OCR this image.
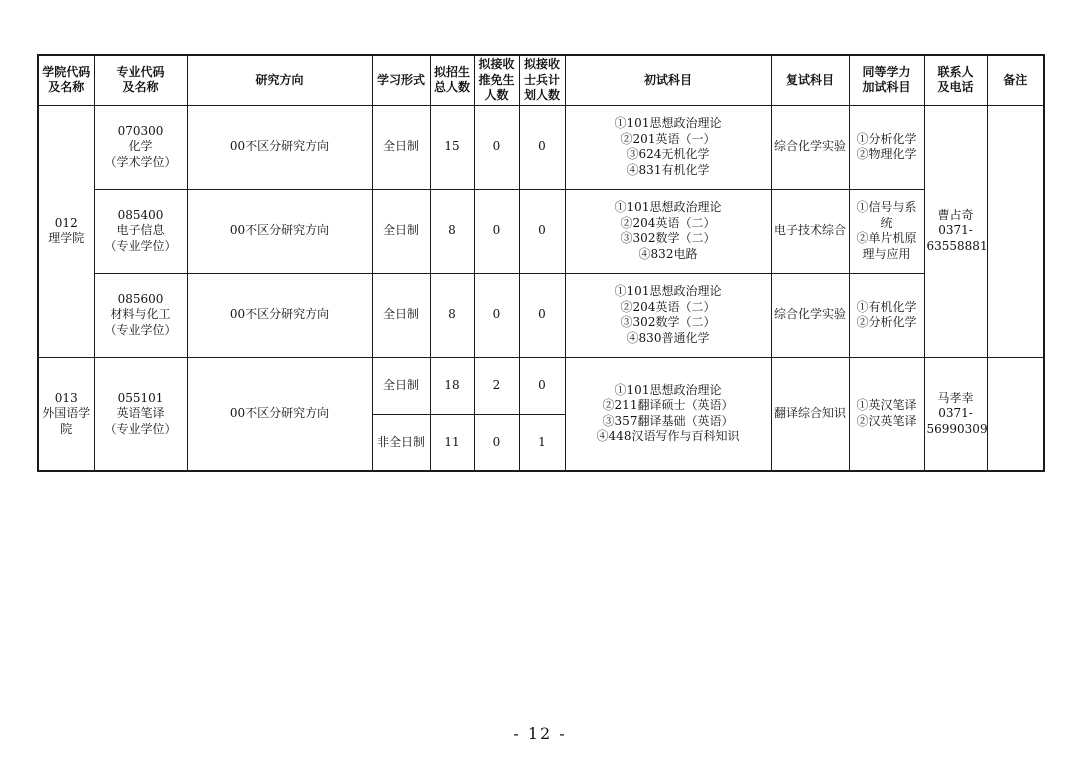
学院代码
及名称	专业代码
及名称	研究方向	学习形式	拟招生
总人数	拟接收
推免生
人数	拟接收
士兵计
划人数	初试科目	复试科目	同等学力
加试科目	联系人
及电话	备注

012
理学院	070300
化学
（学术学位）	00不区分研究方向	全日制	15	0	0	①101思想政治理论
②201英语（一）
③624无机化学
④831有机化学	综合化学实验	①分析化学
②物理化学	曹占奇
0371-
63558881	

	085400
电子信息
（专业学位）	00不区分研究方向	全日制	8	0	0	①101思想政治理论
②204英语（二）
③302数学（二）
④832电路	电子技术综合	①信号与系统
②单片机原理与应用		

	085600
材料与化工
（专业学位）	00不区分研究方向	全日制	8	0	0	①101思想政治理论
②204英语（二）
③302数学（二）
④830普通化学	综合化学实验	①有机化学
②分析化学		

013
外国语学
院	055101
英语笔译
（专业学位）	00不区分研究方向	全日制	18	2	0	①101思想政治理论
②211翻译硕士（英语）
③357翻译基础（英语）
④448汉语写作与百科知识	翻译综合知识	①英汉笔译
②汉英笔译	马孝幸
0371-
56990309	

			非全日制	11	0	1					
- 12 -
